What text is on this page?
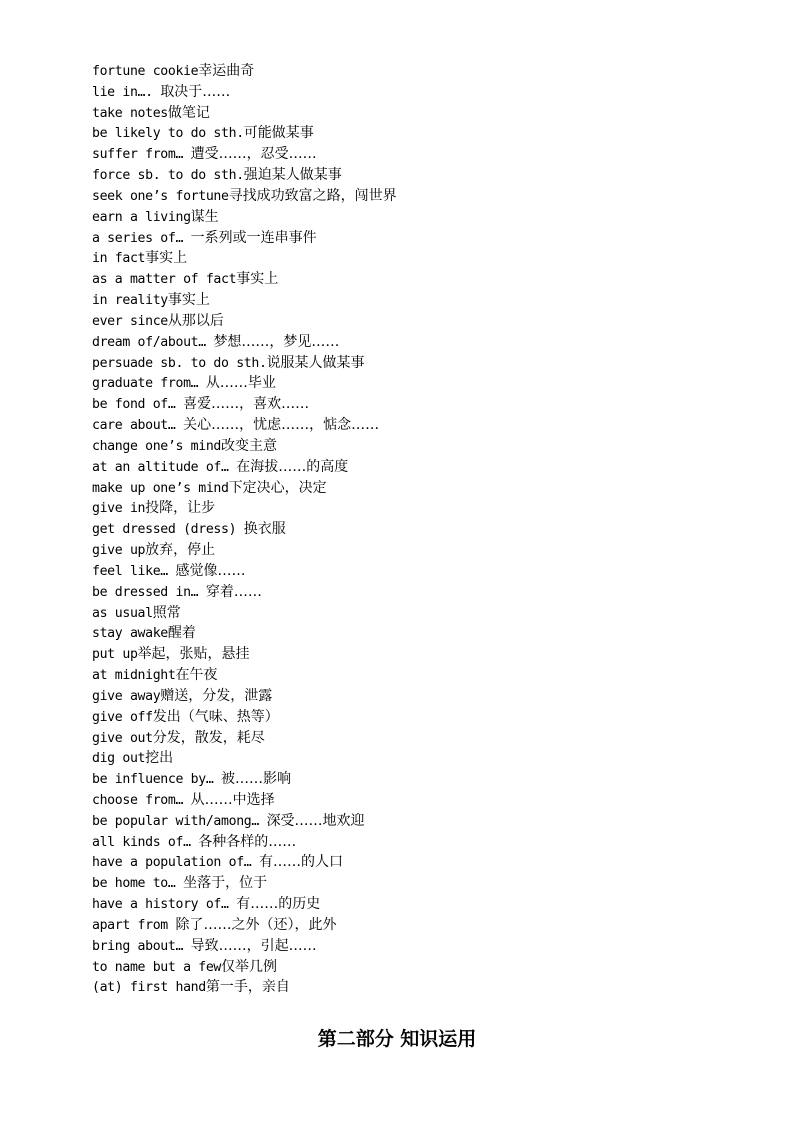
fortune cookie幸运曲奇
lie in…. 取决于……
take notes做笔记
be likely to do sth.可能做某事
suffer from… 遭受……，忍受……
force sb. to do sth.强迫某人做某事
seek one’s fortune寻找成功致富之路，闯世界
earn a living谋生
a series of… 一系列或一连串事件
in fact事实上
as a matter of fact事实上
in reality事实上
ever since从那以后
dream of/about… 梦想……，梦见……
persuade sb. to do sth.说服某人做某事
graduate from… 从……毕业
be fond of… 喜爱……，喜欢……
care about… 关心……，忧虑……，惦念……
change one’s mind改变主意
at an altitude of… 在海拔……的高度
make up one’s mind下定决心，决定
give in投降，让步
get dressed (dress) 换衣服
give up放弃，停止
feel like… 感觉像……
be dressed in… 穿着……
as usual照常
stay awake醒着
put up举起，张贴，悬挂
at midnight在午夜
give away赠送，分发，泄露
give off发出（气味、热等）
give out分发，散发，耗尽
dig out挖出
be influence by… 被……影响
choose from… 从……中选择
be popular with/among… 深受……地欢迎
all kinds of… 各种各样的……
have a population of… 有……的人口
be home to… 坐落于，位于
have a history of… 有……的历史
apart from 除了……之外（还），此外
bring about… 导致……，引起……
to name but a few仅举几例
(at) first hand第一手，亲自
第二部分 知识运用
